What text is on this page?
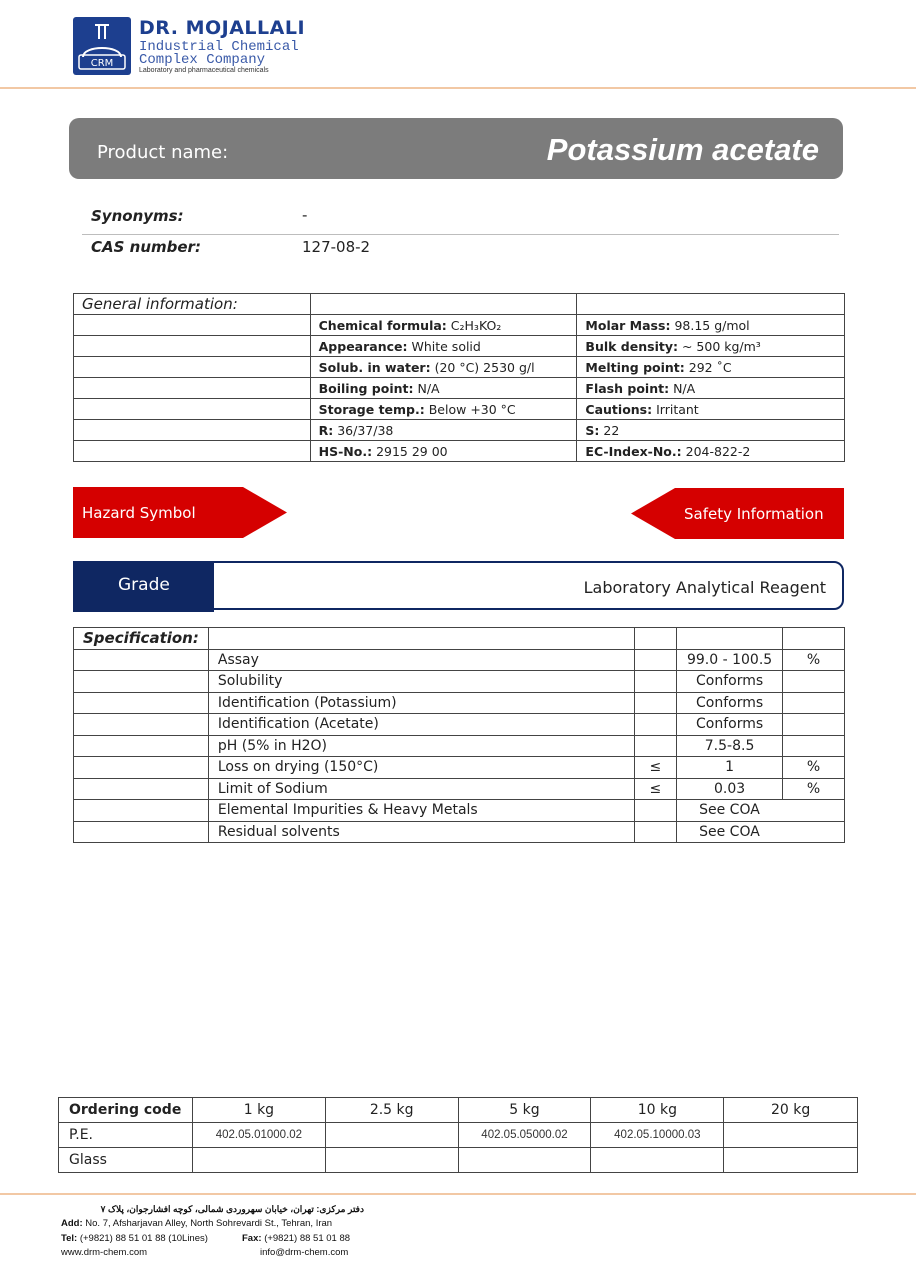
CRM
DR. MOJALLALI
Industrial Chemical
Complex Company
Laboratory and pharmaceutical chemicals
Product name:	Potassium acetate
Synonyms:	-
CAS number:	127-08-2
General information:		
	Chemical formula: C₂H₃KO₂	Molar Mass: 98.15 g/mol
	Appearance: White solid	Bulk density: ~ 500 kg/m³
	Solub. in water: (20 °C) 2530 g/l	Melting point: 292 ˚C
	Boiling point: N/A	Flash point: N/A
	Storage temp.: Below +30 °C	Cautions: Irritant
	R: 36/37/38	S: 22
	HS-No.: 2915 29 00	EC-Index-No.: 204-822-2
Hazard Symbol	Safety Information
Grade	Laboratory Analytical Reagent
Specification:				
	Assay		99.0 - 100.5	%
	Solubility		Conforms	
	Identification (Potassium)		Conforms	
	Identification (Acetate)		Conforms	
	pH (5% in H2O)		7.5-8.5	
	Loss on drying (150°C)	≤	1	%
	Limit of Sodium	≤	0.03	%
	Elemental Impurities & Heavy Metals		See COA	
	Residual solvents		See COA	
Ordering code	1 kg	2.5 kg	5 kg	10 kg	20 kg
P.E.	402.05.01000.02		402.05.05000.02	402.05.10000.03	
Glass					
دفتر مرکزی: تهران، خیابان سهروردی شمالی، کوچه افشارجوان، پلاک ۷
Add: No. 7, Afsharjavan Alley, North Sohrevardi St., Tehran, Iran
Tel: (+9821) 88 51 01 88 (10Lines)	Fax: (+9821) 88 51 01 88
www.drm-chem.com	info@drm-chem.com
